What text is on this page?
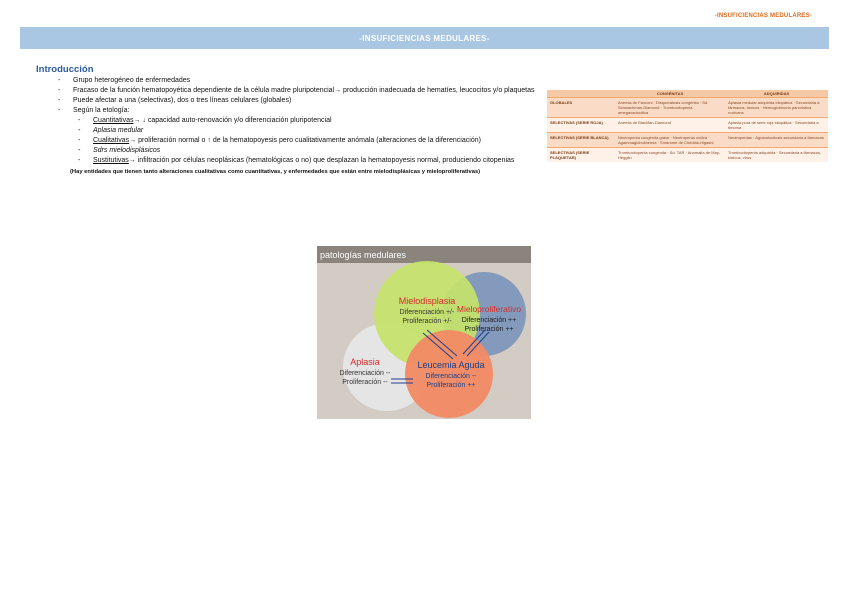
-INSUFICIENCIAS MEDULARES-
-INSUFICIENCIAS MEDULARES-
Introducción
- Grupo heterogéneo de enfermedades
- Fracaso de la función hematopoyética dependiente de la célula madre pluripotencial→ producción inadecuada de hematíes, leucocitos y/o plaquetas
- Puede afectar a una (selectivas), dos o tres líneas celulares (globales)
- Según la etología:
- Cuantitativas→ ↓ capacidad auto-renovación y/o diferenciación pluripotencial
- Aplasia medular
- Cualitativas→ proliferación normal o ↑ de la hematopoyesis pero cualitativamente anómala (alteraciones de la diferenciación)
- Sdrs mielodisplásicos
- Sustitutivas→ infiltración por células neoplásicas (hematológicas o no) que desplazan la hematopoyesis normal, produciendo citopenias
(Hay entidades que tienen tanto alteraciones cualitativas como cuantitativas, y enfermedades que están entre mielodisplásicas y mieloproliferativas)
	CONGÉNITAS	ADQUIRIDAS
GLOBALES	Anemia de Fanconi · Disqueratosis congénita · Sd. Schwachman-Diamond · Trombocitopenia amegacariocítica	Aplasia medular adquirida idiopática · Secundaria a fármacos, tóxicos · Hemoglobinuria paroxística nocturna
SELECTIVAS (SERIE ROJA)	Anemia de Blackfan-Diamond	Aplasia pura de serie roja idiopática · Secundaria a timoma
SELECTIVAS (SERIE BLANCA)	Neutropenia congénita grave · Neutropenia cíclica · Agammaglobulinemia · Síndrome de Chédiak-Higashi	Neutropenias · Agranulocitosis secundaria a fármacos
SELECTIVAS (SERIE PLAQUETAR)	Trombocitopenia congénita · Sd. TAR · Anomalía de May-Hegglin	Trombocitopenia adquirida · Secundaria a fármacos, tóxicos, virus
patologías medulares
Mielodisplasia
Diferenciación +/-
Proliferación +/-
Mieloproliferativo
Diferenciación ++
Proliferación ++
Aplasia
Diferenciación --
Proliferación --
Leucemia Aguda
Diferenciación --
Proliferación ++
